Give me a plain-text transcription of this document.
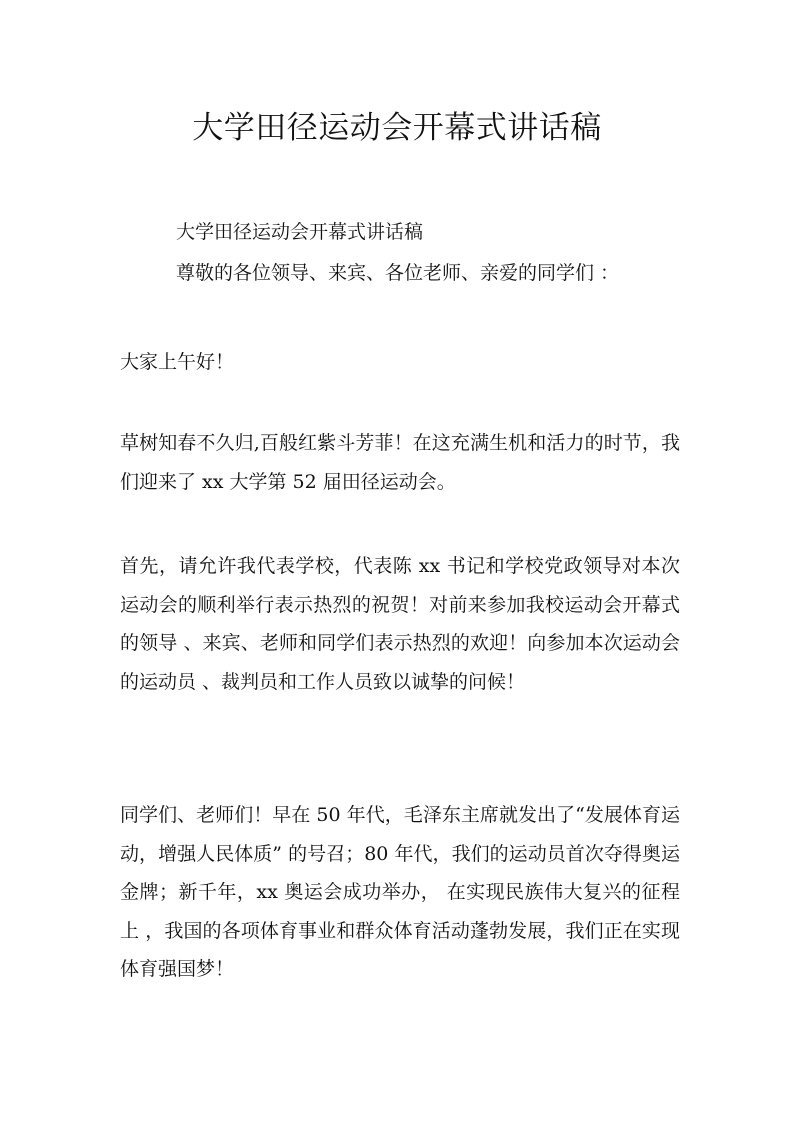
大学田径运动会开幕式讲话稿

大学田径运动会开幕式讲话稿

尊敬的各位领导、来宾、各位老师、亲爱的同学们 ：

大家上午好！

草树知春不久归,百般红紫斗芳菲！在这充满生机和活力的时节，我们迎来了 xx 大学第 52 届田径运动会。

首先，请允许我代表学校，代表陈 xx 书记和学校党政领导对本次运动会的顺利举行表示热烈的祝贺！对前来参加我校运动会开幕式的领导 、来宾、老师和同学们表示热烈的欢迎！向参加本次运动会的运动员 、裁判员和工作人员致以诚挚的问候！

同学们、老师们！早在 50 年代，毛泽东主席就发出了“发展体育运动，增强人民体质” 的号召；80 年代，我们的运动员首次夺得奥运金牌；新千年，xx 奥运会成功举办， 在实现民族伟大复兴的征程上 ，我国的各项体育事业和群众体育活动蓬勃发展，我们正在实现体育强国梦！
